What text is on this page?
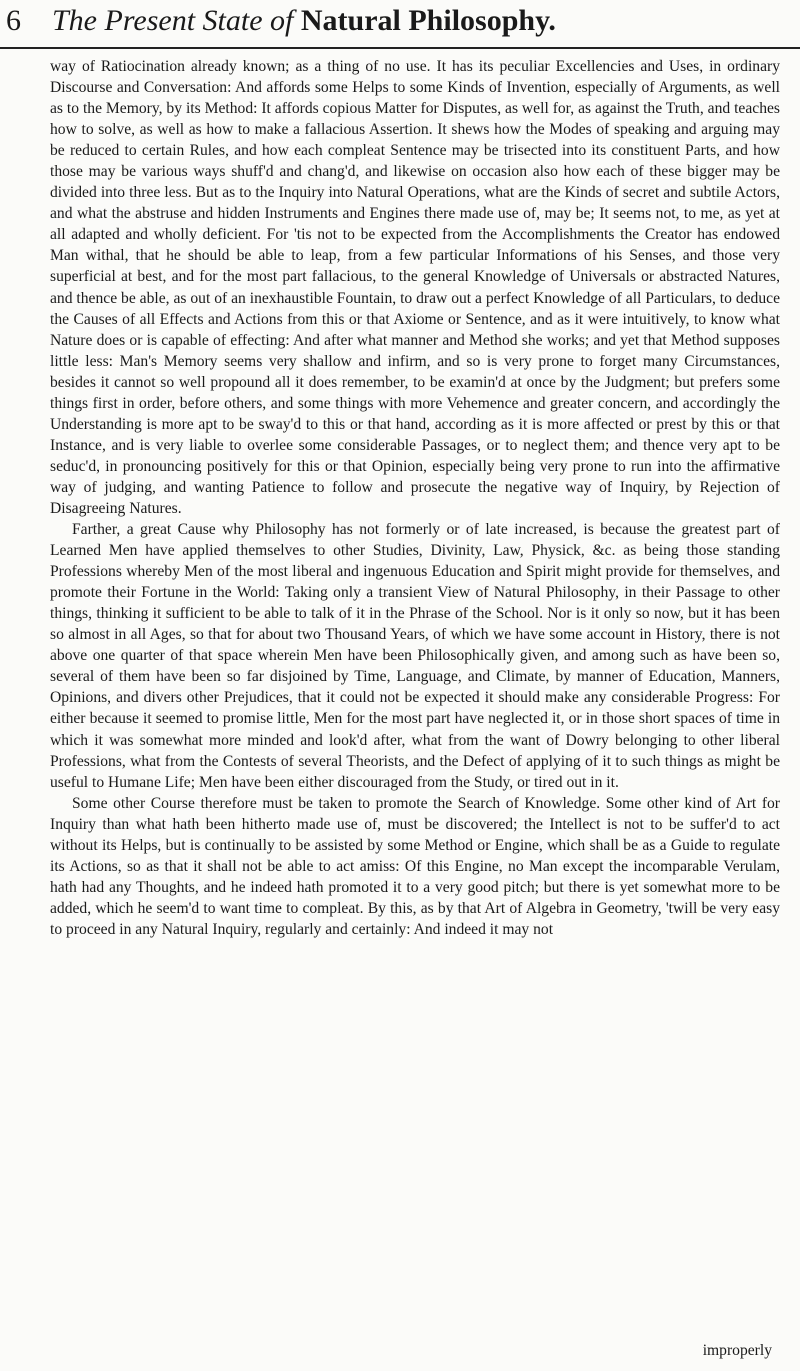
6 The Present State of Natural Philosophy.

way of Ratiocination already known; as a thing of no use. It has its peculiar Excellencies and Uses, in ordinary Discourse and Conversation: And affords some Helps to some Kinds of Invention, especially of Arguments, as well as to the Memory, by its Method: It affords copious Matter for Disputes, as well for, as against the Truth, and teaches how to solve, as well as how to make a fallacious Assertion. It shews how the Modes of speaking and arguing may be reduced to certain Rules, and how each compleat Sentence may be trisected into its constituent Parts, and how those may be various ways shuff'd and chang'd, and likewise on occasion also how each of these bigger may be divided into three less. But as to the Inquiry into Natural Operations, what are the Kinds of secret and subtile Actors, and what the abstruse and hidden Instruments and Engines there made use of, may be; It seems not, to me, as yet at all adapted and wholly deficient. For 'tis not to be expected from the Accomplishments the Creator has endowed Man withal, that he should be able to leap, from a few particular Informations of his Senses, and those very superficial at best, and for the most part fallacious, to the general Knowledge of Universals or abstracted Natures, and thence be able, as out of an inexhaustible Fountain, to draw out a perfect Knowledge of all Particulars, to deduce the Causes of all Effects and Actions from this or that Axiome or Sentence, and as it were intuitively, to know what Nature does or is capable of effecting: And after what manner and Method she works; and yet that Method supposes little less: Man's Memory seems very shallow and infirm, and so is very prone to forget many Circumstances, besides it cannot so well propound all it does remember, to be examin'd at once by the Judgment; but prefers some things first in order, before others, and some things with more Vehemence and greater concern, and accordingly the Understanding is more apt to be sway'd to this or that hand, according as it is more affected or prest by this or that Instance, and is very liable to overlee some considerable Passages, or to neglect them; and thence very apt to be seduc'd, in pronouncing positively for this or that Opinion, especially being very prone to run into the affirmative way of judging, and wanting Patience to follow and prosecute the negative way of Inquiry, by Rejection of Disagreeing Natures.

Farther, a great Cause why Philosophy has not formerly or of late increased, is because the greatest part of Learned Men have applied themselves to other Studies, Divinity, Law, Physick, &c. as being those standing Professions whereby Men of the most liberal and ingenuous Education and Spirit might provide for themselves, and promote their Fortune in the World: Taking only a transient View of Natural Philosophy, in their Passage to other things, thinking it sufficient to be able to talk of it in the Phrase of the School. Nor is it only so now, but it has been so almost in all Ages, so that for about two Thousand Years, of which we have some account in History, there is not above one quarter of that space wherein Men have been Philosophically given, and among such as have been so, several of them have been so far disjoined by Time, Language, and Climate, by manner of Education, Manners, Opinions, and divers other Prejudices, that it could not be expected it should make any considerable Progress: For either because it seemed to promise little, Men for the most part have neglected it, or in those short spaces of time in which it was somewhat more minded and look'd after, what from the want of Dowry belonging to other liberal Professions, what from the Contests of several Theorists, and the Defect of applying of it to such things as might be useful to Humane Life; Men have been either discouraged from the Study, or tired out in it.

Some other Course therefore must be taken to promote the Search of Knowledge. Some other kind of Art for Inquiry than what hath been hitherto made use of, must be discovered; the Intellect is not to be suffer'd to act without its Helps, but is continually to be assisted by some Method or Engine, which shall be as a Guide to regulate its Actions, so as that it shall not be able to act amiss: Of this Engine, no Man except the incomparable Verulam, hath had any Thoughts, and he indeed hath promoted it to a very good pitch; but there is yet somewhat more to be added, which he seem'd to want time to compleat. By this, as by that Art of Algebra in Geometry, 'twill be very easy to proceed in any Natural Inquiry, regularly and certainly: And indeed it may not

improperly
